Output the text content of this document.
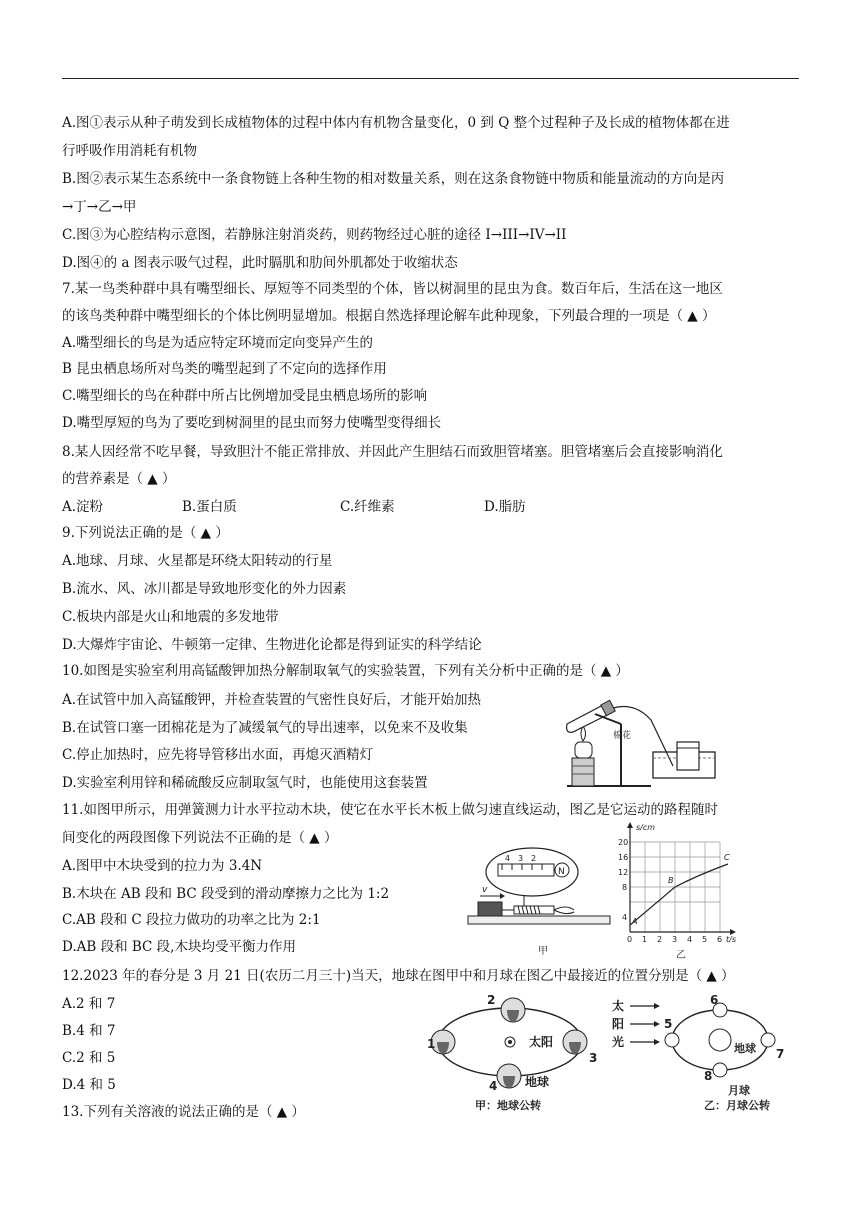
A.图①表示从种子萌发到长成植物体的过程中体内有机物含量变化，0 到 Q 整个过程种子及长成的植物体都在进
行呼吸作用消耗有机物
B.图②表示某生态系统中一条食物链上各种生物的相对数量关系，则在这条食物链中物质和能量流动的方向是丙
→丁→乙→甲
C.图③为心腔结构示意图，若静脉注射消炎药，则药物经过心脏的途径 I→III→IV→II
D.图④的 a 图表示吸气过程，此时膈肌和肋间外肌都处于收缩状态
7.某一鸟类种群中具有嘴型细长、厚短等不同类型的个体，皆以树洞里的昆虫为食。数百年后，生活在这一地区
的该鸟类种群中嘴型细长的个体比例明显增加。根据自然选择理论解车此种现象，下列最合理的一项是（ ▲ ）
A.嘴型细长的鸟是为适应特定环境而定向变异产生的
B 昆虫栖息场所对鸟类的嘴型起到了不定向的选择作用
C.嘴型细长的鸟在种群中所占比例增加受昆虫栖息场所的影响
D.嘴型厚短的鸟为了要吃到树洞里的昆虫而努力使嘴型变得细长
8.某人因经常不吃早餐，导致胆汁不能正常排放、并因此产生胆结石而致胆管堵塞。胆管堵塞后会直接影响消化
的营养素是（ ▲ ）
A.淀粉	B.蛋白质	C.纤维素	D.脂肪
9.下列说法正确的是（ ▲ ）
A.地球、月球、火星都是环绕太阳转动的行星
B.流水、风、冰川都是导致地形变化的外力因素
C.板块内部是火山和地震的多发地带
D.大爆炸宇宙论、牛顿第一定律、生物进化论都是得到证实的科学结论
10.如图是实验室利用高锰酸钾加热分解制取氧气的实验装置，下列有关分析中正确的是（ ▲ ）
A.在试管中加入高锰酸钾，并检查装置的气密性良好后，才能开始加热
B.在试管口塞一团棉花是为了减缓氧气的导出速率，以免来不及收集
C.停止加热时，应先将导管移出水面，再熄灭酒精灯
D.实验室利用锌和稀硫酸反应制取氢气时，也能使用这套装置
棉花
11.如图甲所示，用弹簧测力计水平拉动木块，使它在水平长木板上做匀速直线运动，图乙是它运动的路程随时
间变化的两段图像下列说法不正确的是（ ▲ ）
A.图甲中木块受到的拉力为 3.4N
B.木块在 AB 段和 BC 段受到的滑动摩擦力之比为 1:2
C.AB 段和 C 段拉力做功的功率之比为 2:1
D.AB 段和 BC 段,木块均受平衡力作用
4 3 2
N
v
甲
s/cm
t/s
20
16
12
8
4
0 1 2 3 4 5 6
A
B
C
乙
12.2023 年的春分是 3 月 21 日(农历二月三十)当天，地球在图甲中和月球在图乙中最接近的位置分别是（ ▲ ）
A.2 和 7
B.4 和 7
C.2 和 5
D.4 和 5
1
2
3
4
太阳
地球
甲：地球公转
太
阳
光
5
6
7
8
地球
月球
乙：月球公转
13.下列有关溶液的说法正确的是（ ▲ ）
